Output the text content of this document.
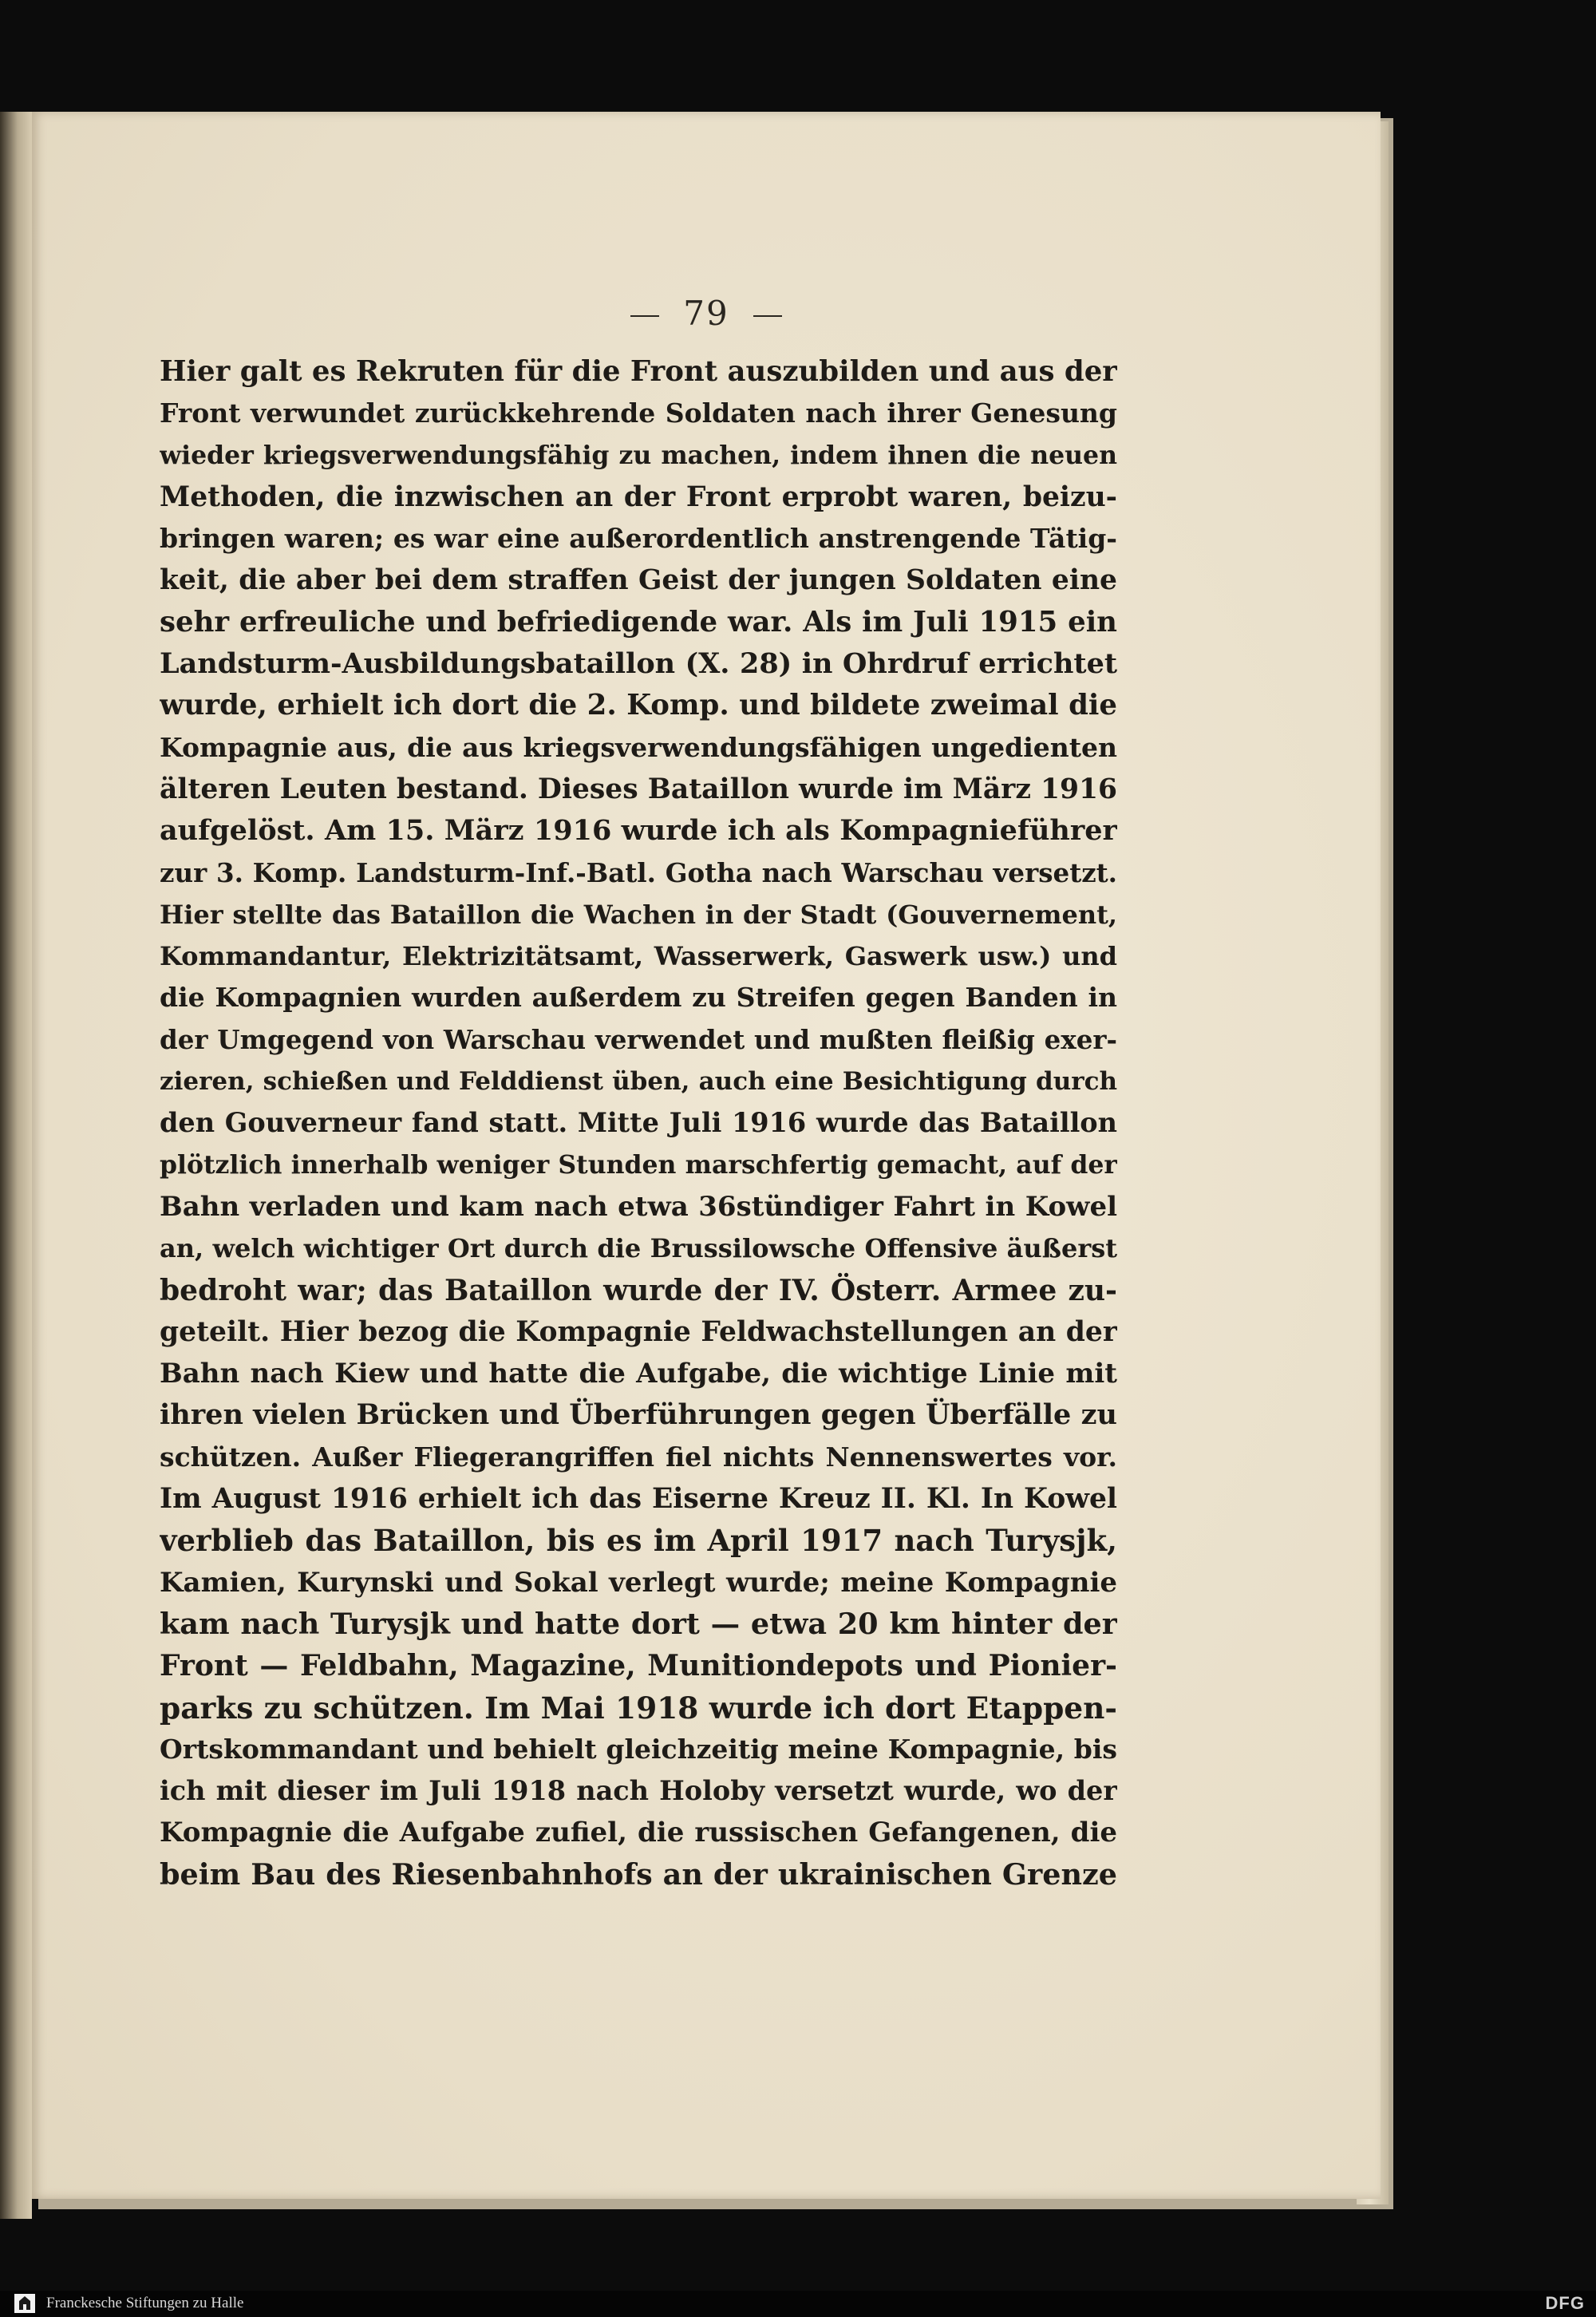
79
Hier galt es Rekruten für die Front auszubilden und aus der
Front verwundet zurückkehrende Soldaten nach ihrer Genesung
wieder kriegsverwendungsfähig zu machen, indem ihnen die neuen
Methoden, die inzwischen an der Front erprobt waren, beizu-
bringen waren; es war eine außerordentlich anstrengende Tätig-
keit, die aber bei dem straffen Geist der jungen Soldaten eine
sehr erfreuliche und befriedigende war. Als im Juli 1915 ein
Landsturm-Ausbildungsbataillon (X. 28) in Ohrdruf errichtet
wurde, erhielt ich dort die 2. Komp. und bildete zweimal die
Kompagnie aus, die aus kriegsverwendungsfähigen ungedienten
älteren Leuten bestand. Dieses Bataillon wurde im März 1916
aufgelöst. Am 15. März 1916 wurde ich als Kompagnieführer
zur 3. Komp. Landsturm-Inf.-Batl. Gotha nach Warschau versetzt.
Hier stellte das Bataillon die Wachen in der Stadt (Gouvernement,
Kommandantur, Elektrizitätsamt, Wasserwerk, Gaswerk usw.) und
die Kompagnien wurden außerdem zu Streifen gegen Banden in
der Umgegend von Warschau verwendet und mußten fleißig exer-
zieren, schießen und Felddienst üben, auch eine Besichtigung durch
den Gouverneur fand statt. Mitte Juli 1916 wurde das Bataillon
plötzlich innerhalb weniger Stunden marschfertig gemacht, auf der
Bahn verladen und kam nach etwa 36stündiger Fahrt in Kowel
an, welch wichtiger Ort durch die Brussilowsche Offensive äußerst
bedroht war; das Bataillon wurde der IV. Österr. Armee zu-
geteilt. Hier bezog die Kompagnie Feldwachstellungen an der
Bahn nach Kiew und hatte die Aufgabe, die wichtige Linie mit
ihren vielen Brücken und Überführungen gegen Überfälle zu
schützen. Außer Fliegerangriffen fiel nichts Nennenswertes vor.
Im August 1916 erhielt ich das Eiserne Kreuz II. Kl. In Kowel
verblieb das Bataillon, bis es im April 1917 nach Turysjk,
Kamien, Kurynski und Sokal verlegt wurde; meine Kompagnie
kam nach Turysjk und hatte dort — etwa 20 km hinter der
Front — Feldbahn, Magazine, Munitiondepots und Pionier-
parks zu schützen. Im Mai 1918 wurde ich dort Etappen-
Ortskommandant und behielt gleichzeitig meine Kompagnie, bis
ich mit dieser im Juli 1918 nach Holoby versetzt wurde, wo der
Kompagnie die Aufgabe zufiel, die russischen Gefangenen, die
beim Bau des Riesenbahnhofs an der ukrainischen Grenze
Franckesche Stiftungen zu Halle	DFG
